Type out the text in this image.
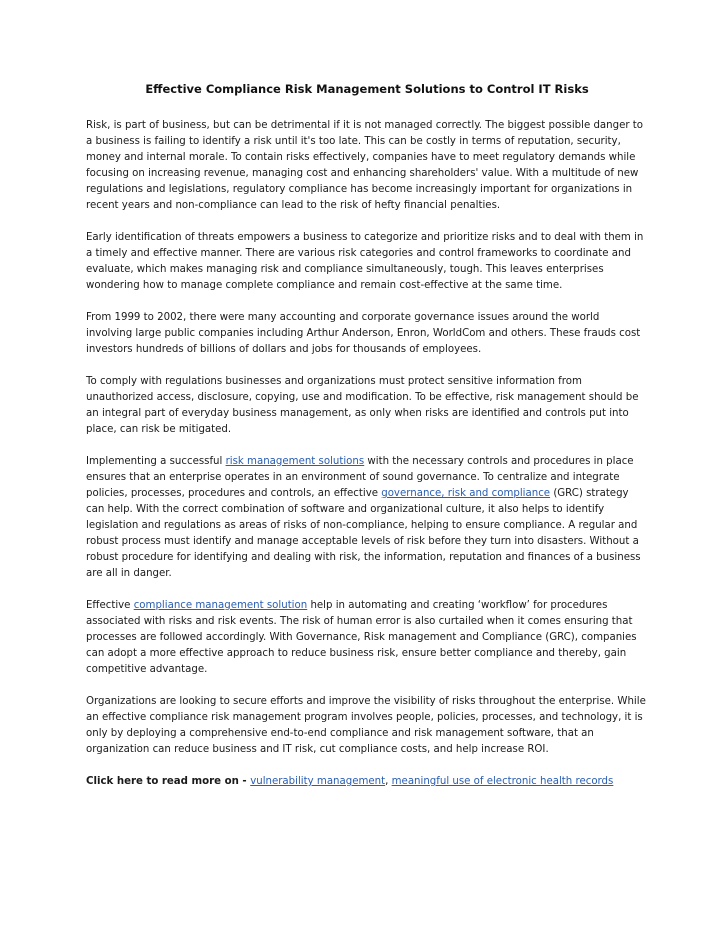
Effective Compliance Risk Management Solutions to Control IT Risks

Risk, is part of business, but can be detrimental if it is not managed correctly. The biggest possible danger to a business is failing to identify a risk until it's too late. This can be costly in terms of reputation, security, money and internal morale. To contain risks effectively, companies have to meet regulatory demands while focusing on increasing revenue, managing cost and enhancing shareholders' value. With a multitude of new regulations and legislations, regulatory compliance has become increasingly important for organizations in recent years and non-compliance can lead to the risk of hefty financial penalties.

Early identification of threats empowers a business to categorize and prioritize risks and to deal with them in a timely and effective manner. There are various risk categories and control frameworks to coordinate and evaluate, which makes managing risk and compliance simultaneously, tough. This leaves enterprises wondering how to manage complete compliance and remain cost-effective at the same time.

From 1999 to 2002, there were many accounting and corporate governance issues around the world involving large public companies including Arthur Anderson, Enron, WorldCom and others. These frauds cost investors hundreds of billions of dollars and jobs for thousands of employees.

To comply with regulations businesses and organizations must protect sensitive information from unauthorized access, disclosure, copying, use and modification. To be effective, risk management should be an integral part of everyday business management, as only when risks are identified and controls put into place, can risk be mitigated.

Implementing a successful risk management solutions with the necessary controls and procedures in place ensures that an enterprise operates in an environment of sound governance. To centralize and integrate policies, processes, procedures and controls, an effective governance, risk and compliance (GRC) strategy can help. With the correct combination of software and organizational culture, it also helps to identify legislation and regulations as areas of risks of non-compliance, helping to ensure compliance. A regular and robust process must identify and manage acceptable levels of risk before they turn into disasters. Without a robust procedure for identifying and dealing with risk, the information, reputation and finances of a business are all in danger.

Effective compliance management solution help in automating and creating ‘workflow’ for procedures associated with risks and risk events. The risk of human error is also curtailed when it comes ensuring that processes are followed accordingly. With Governance, Risk management and Compliance (GRC), companies can adopt a more effective approach to reduce business risk, ensure better compliance and thereby, gain competitive advantage.

Organizations are looking to secure efforts and improve the visibility of risks throughout the enterprise. While an effective compliance risk management program involves people, policies, processes, and technology, it is only by deploying a comprehensive end-to-end compliance and risk management software, that an organization can reduce business and IT risk, cut compliance costs, and help increase ROI.

Click here to read more on - vulnerability management, meaningful use of electronic health records
